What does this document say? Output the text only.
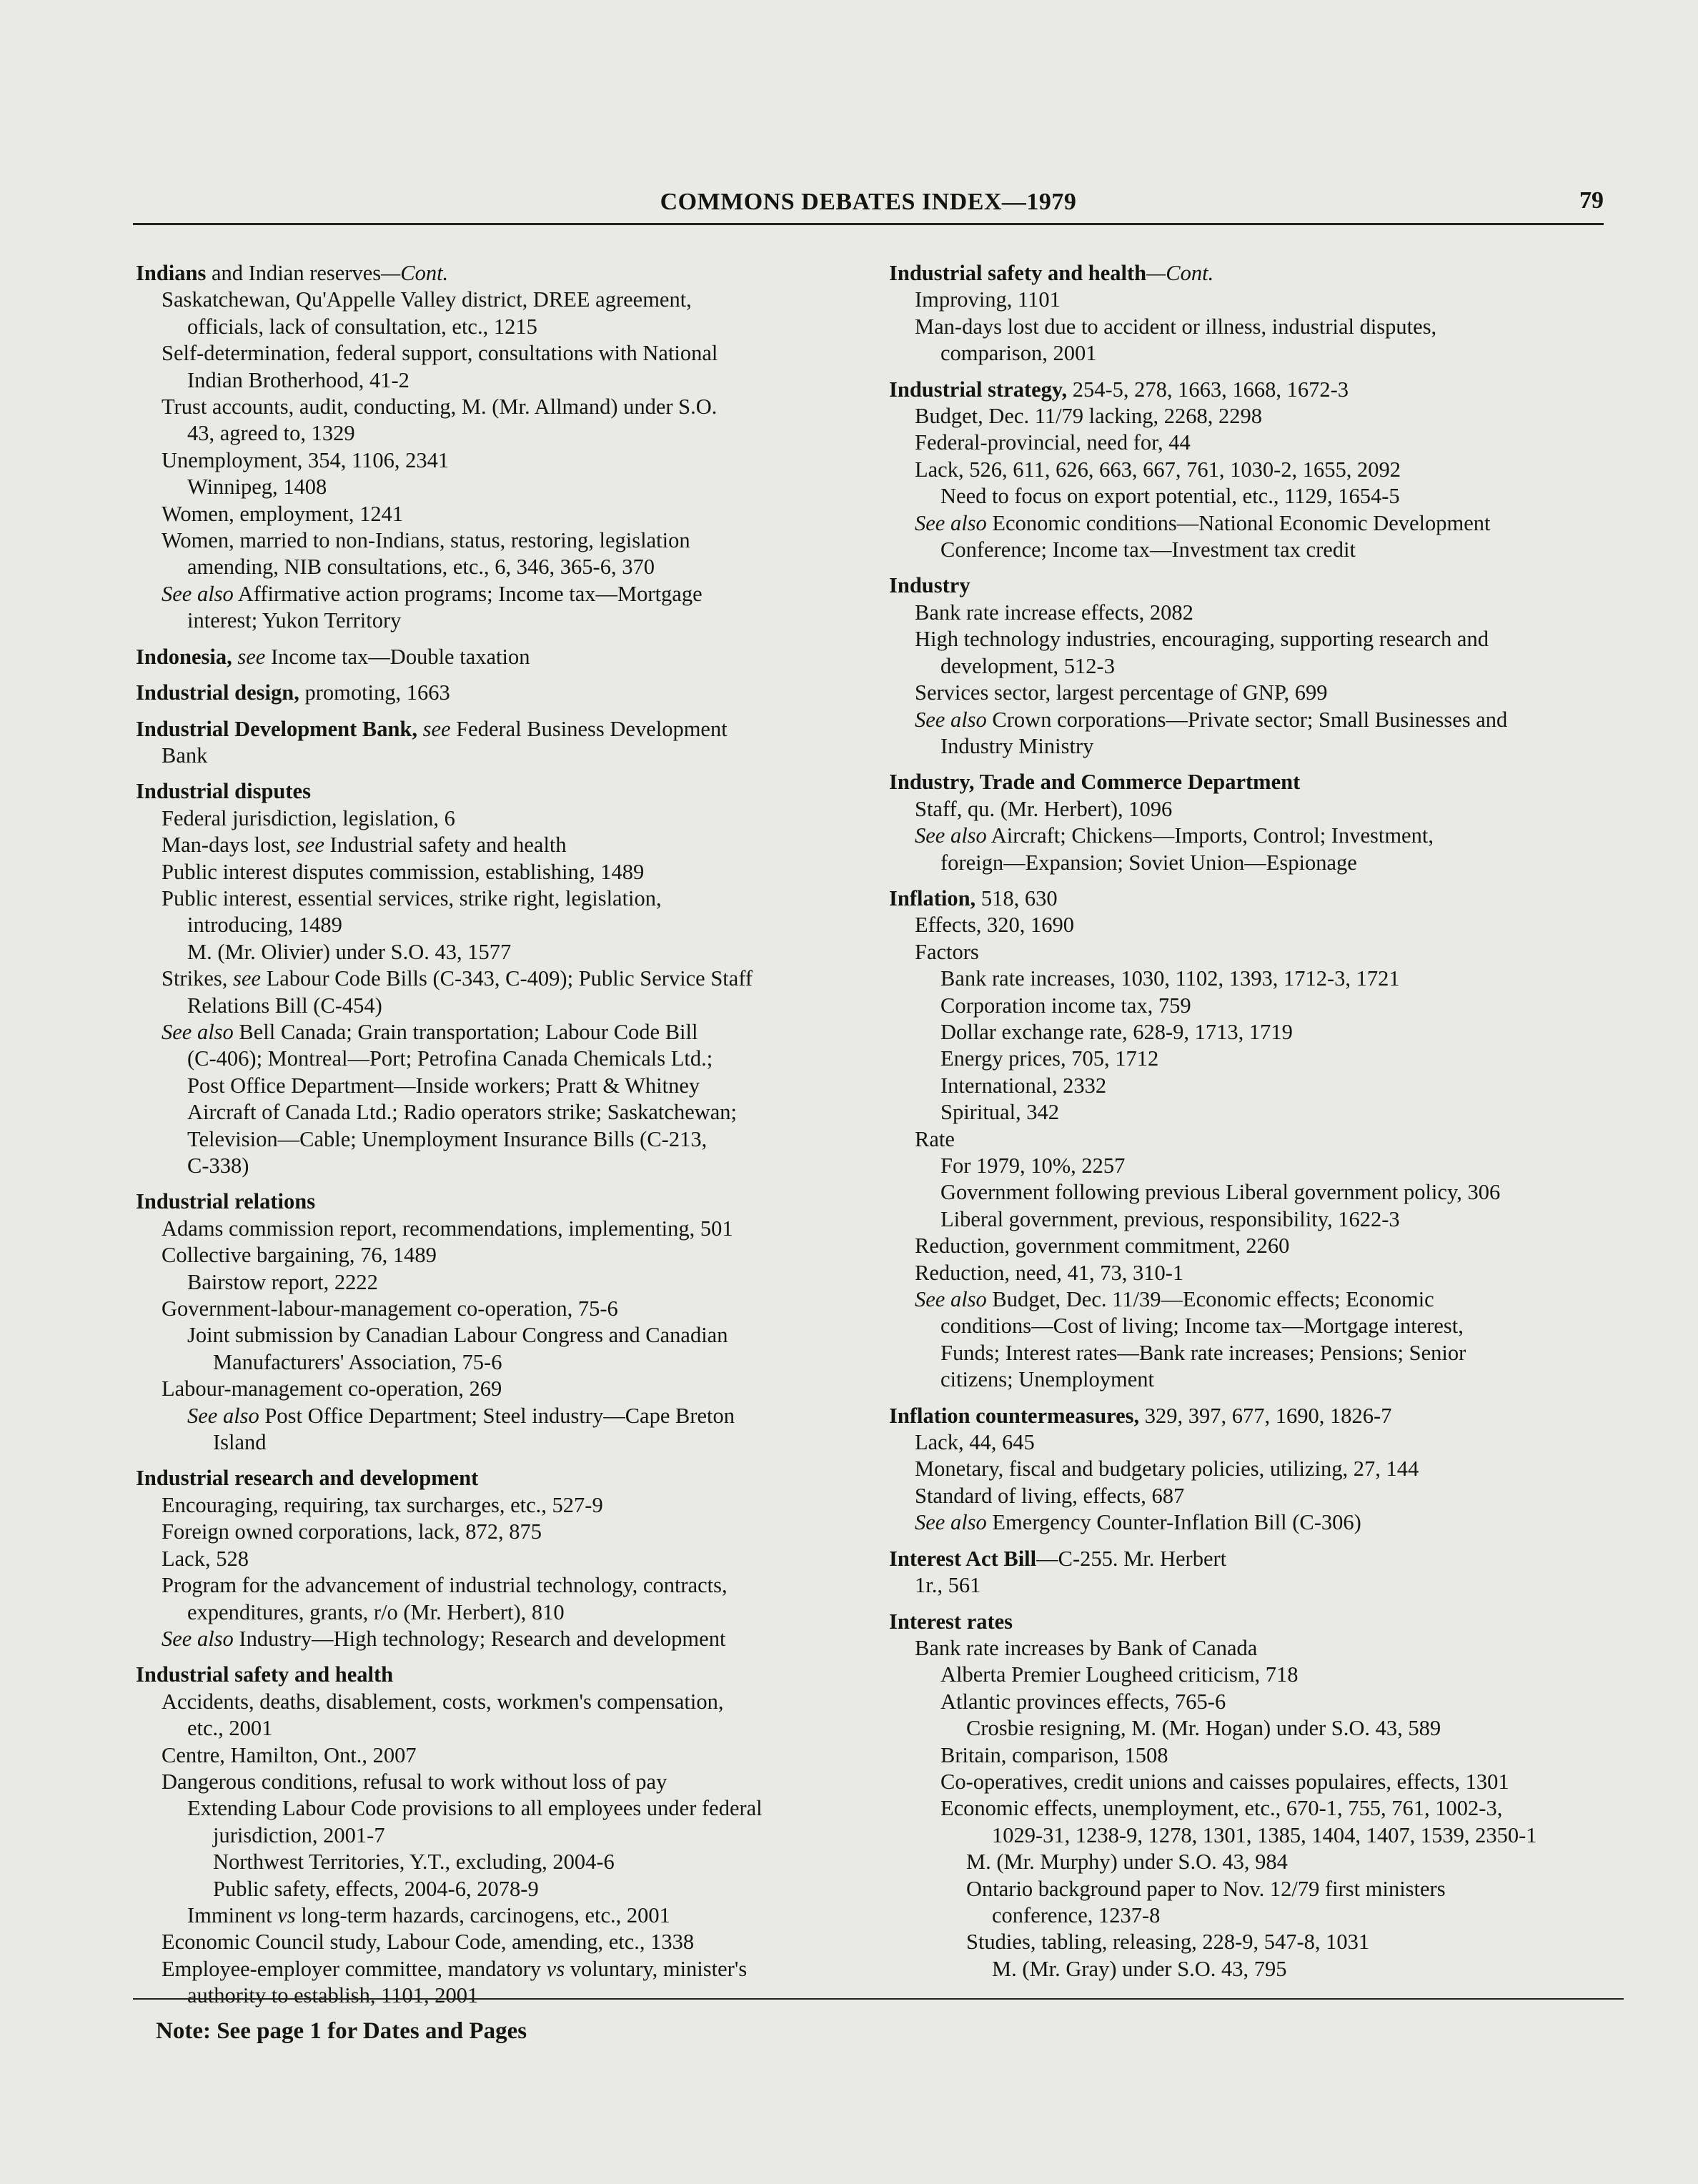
COMMONS DEBATES INDEX—1979	79
Indians and Indian reserves—Cont.
Saskatchewan, Qu'Appelle Valley district, DREE agreement,
officials, lack of consultation, etc., 1215
Self-determination, federal support, consultations with National
Indian Brotherhood, 41-2
Trust accounts, audit, conducting, M. (Mr. Allmand) under S.O.
43, agreed to, 1329
Unemployment, 354, 1106, 2341
Winnipeg, 1408
Women, employment, 1241
Women, married to non-Indians, status, restoring, legislation
amending, NIB consultations, etc., 6, 346, 365-6, 370
See also Affirmative action programs; Income tax—Mortgage
interest; Yukon Territory
Indonesia, see Income tax—Double taxation
Industrial design, promoting, 1663
Industrial Development Bank, see Federal Business Development
Bank
Industrial disputes
Federal jurisdiction, legislation, 6
Man-days lost, see Industrial safety and health
Public interest disputes commission, establishing, 1489
Public interest, essential services, strike right, legislation,
introducing, 1489
M. (Mr. Olivier) under S.O. 43, 1577
Strikes, see Labour Code Bills (C-343, C-409); Public Service Staff
Relations Bill (C-454)
See also Bell Canada; Grain transportation; Labour Code Bill
(C-406); Montreal—Port; Petrofina Canada Chemicals Ltd.;
Post Office Department—Inside workers; Pratt & Whitney
Aircraft of Canada Ltd.; Radio operators strike; Saskatchewan;
Television—Cable; Unemployment Insurance Bills (C-213,
C-338)
Industrial relations
Adams commission report, recommendations, implementing, 501
Collective bargaining, 76, 1489
Bairstow report, 2222
Government-labour-management co-operation, 75-6
Joint submission by Canadian Labour Congress and Canadian
Manufacturers' Association, 75-6
Labour-management co-operation, 269
See also Post Office Department; Steel industry—Cape Breton
Island
Industrial research and development
Encouraging, requiring, tax surcharges, etc., 527-9
Foreign owned corporations, lack, 872, 875
Lack, 528
Program for the advancement of industrial technology, contracts,
expenditures, grants, r/o (Mr. Herbert), 810
See also Industry—High technology; Research and development
Industrial safety and health
Accidents, deaths, disablement, costs, workmen's compensation,
etc., 2001
Centre, Hamilton, Ont., 2007
Dangerous conditions, refusal to work without loss of pay
Extending Labour Code provisions to all employees under federal
jurisdiction, 2001-7
Northwest Territories, Y.T., excluding, 2004-6
Public safety, effects, 2004-6, 2078-9
Imminent vs long-term hazards, carcinogens, etc., 2001
Economic Council study, Labour Code, amending, etc., 1338
Employee-employer committee, mandatory vs voluntary, minister's
authority to establish, 1101, 2001
Industrial safety and health—Cont.
Improving, 1101
Man-days lost due to accident or illness, industrial disputes,
comparison, 2001
Industrial strategy, 254-5, 278, 1663, 1668, 1672-3
Budget, Dec. 11/79 lacking, 2268, 2298
Federal-provincial, need for, 44
Lack, 526, 611, 626, 663, 667, 761, 1030-2, 1655, 2092
Need to focus on export potential, etc., 1129, 1654-5
See also Economic conditions—National Economic Development
Conference; Income tax—Investment tax credit
Industry
Bank rate increase effects, 2082
High technology industries, encouraging, supporting research and
development, 512-3
Services sector, largest percentage of GNP, 699
See also Crown corporations—Private sector; Small Businesses and
Industry Ministry
Industry, Trade and Commerce Department
Staff, qu. (Mr. Herbert), 1096
See also Aircraft; Chickens—Imports, Control; Investment,
foreign—Expansion; Soviet Union—Espionage
Inflation, 518, 630
Effects, 320, 1690
Factors
Bank rate increases, 1030, 1102, 1393, 1712-3, 1721
Corporation income tax, 759
Dollar exchange rate, 628-9, 1713, 1719
Energy prices, 705, 1712
International, 2332
Spiritual, 342
Rate
For 1979, 10%, 2257
Government following previous Liberal government policy, 306
Liberal government, previous, responsibility, 1622-3
Reduction, government commitment, 2260
Reduction, need, 41, 73, 310-1
See also Budget, Dec. 11/39—Economic effects; Economic
conditions—Cost of living; Income tax—Mortgage interest,
Funds; Interest rates—Bank rate increases; Pensions; Senior
citizens; Unemployment
Inflation countermeasures, 329, 397, 677, 1690, 1826-7
Lack, 44, 645
Monetary, fiscal and budgetary policies, utilizing, 27, 144
Standard of living, effects, 687
See also Emergency Counter-Inflation Bill (C-306)
Interest Act Bill—C-255. Mr. Herbert
1r., 561
Interest rates
Bank rate increases by Bank of Canada
Alberta Premier Lougheed criticism, 718
Atlantic provinces effects, 765-6
Crosbie resigning, M. (Mr. Hogan) under S.O. 43, 589
Britain, comparison, 1508
Co-operatives, credit unions and caisses populaires, effects, 1301
Economic effects, unemployment, etc., 670-1, 755, 761, 1002-3,
1029-31, 1238-9, 1278, 1301, 1385, 1404, 1407, 1539, 2350-1
M. (Mr. Murphy) under S.O. 43, 984
Ontario background paper to Nov. 12/79 first ministers
conference, 1237-8
Studies, tabling, releasing, 228-9, 547-8, 1031
M. (Mr. Gray) under S.O. 43, 795
Note: See page 1 for Dates and Pages
